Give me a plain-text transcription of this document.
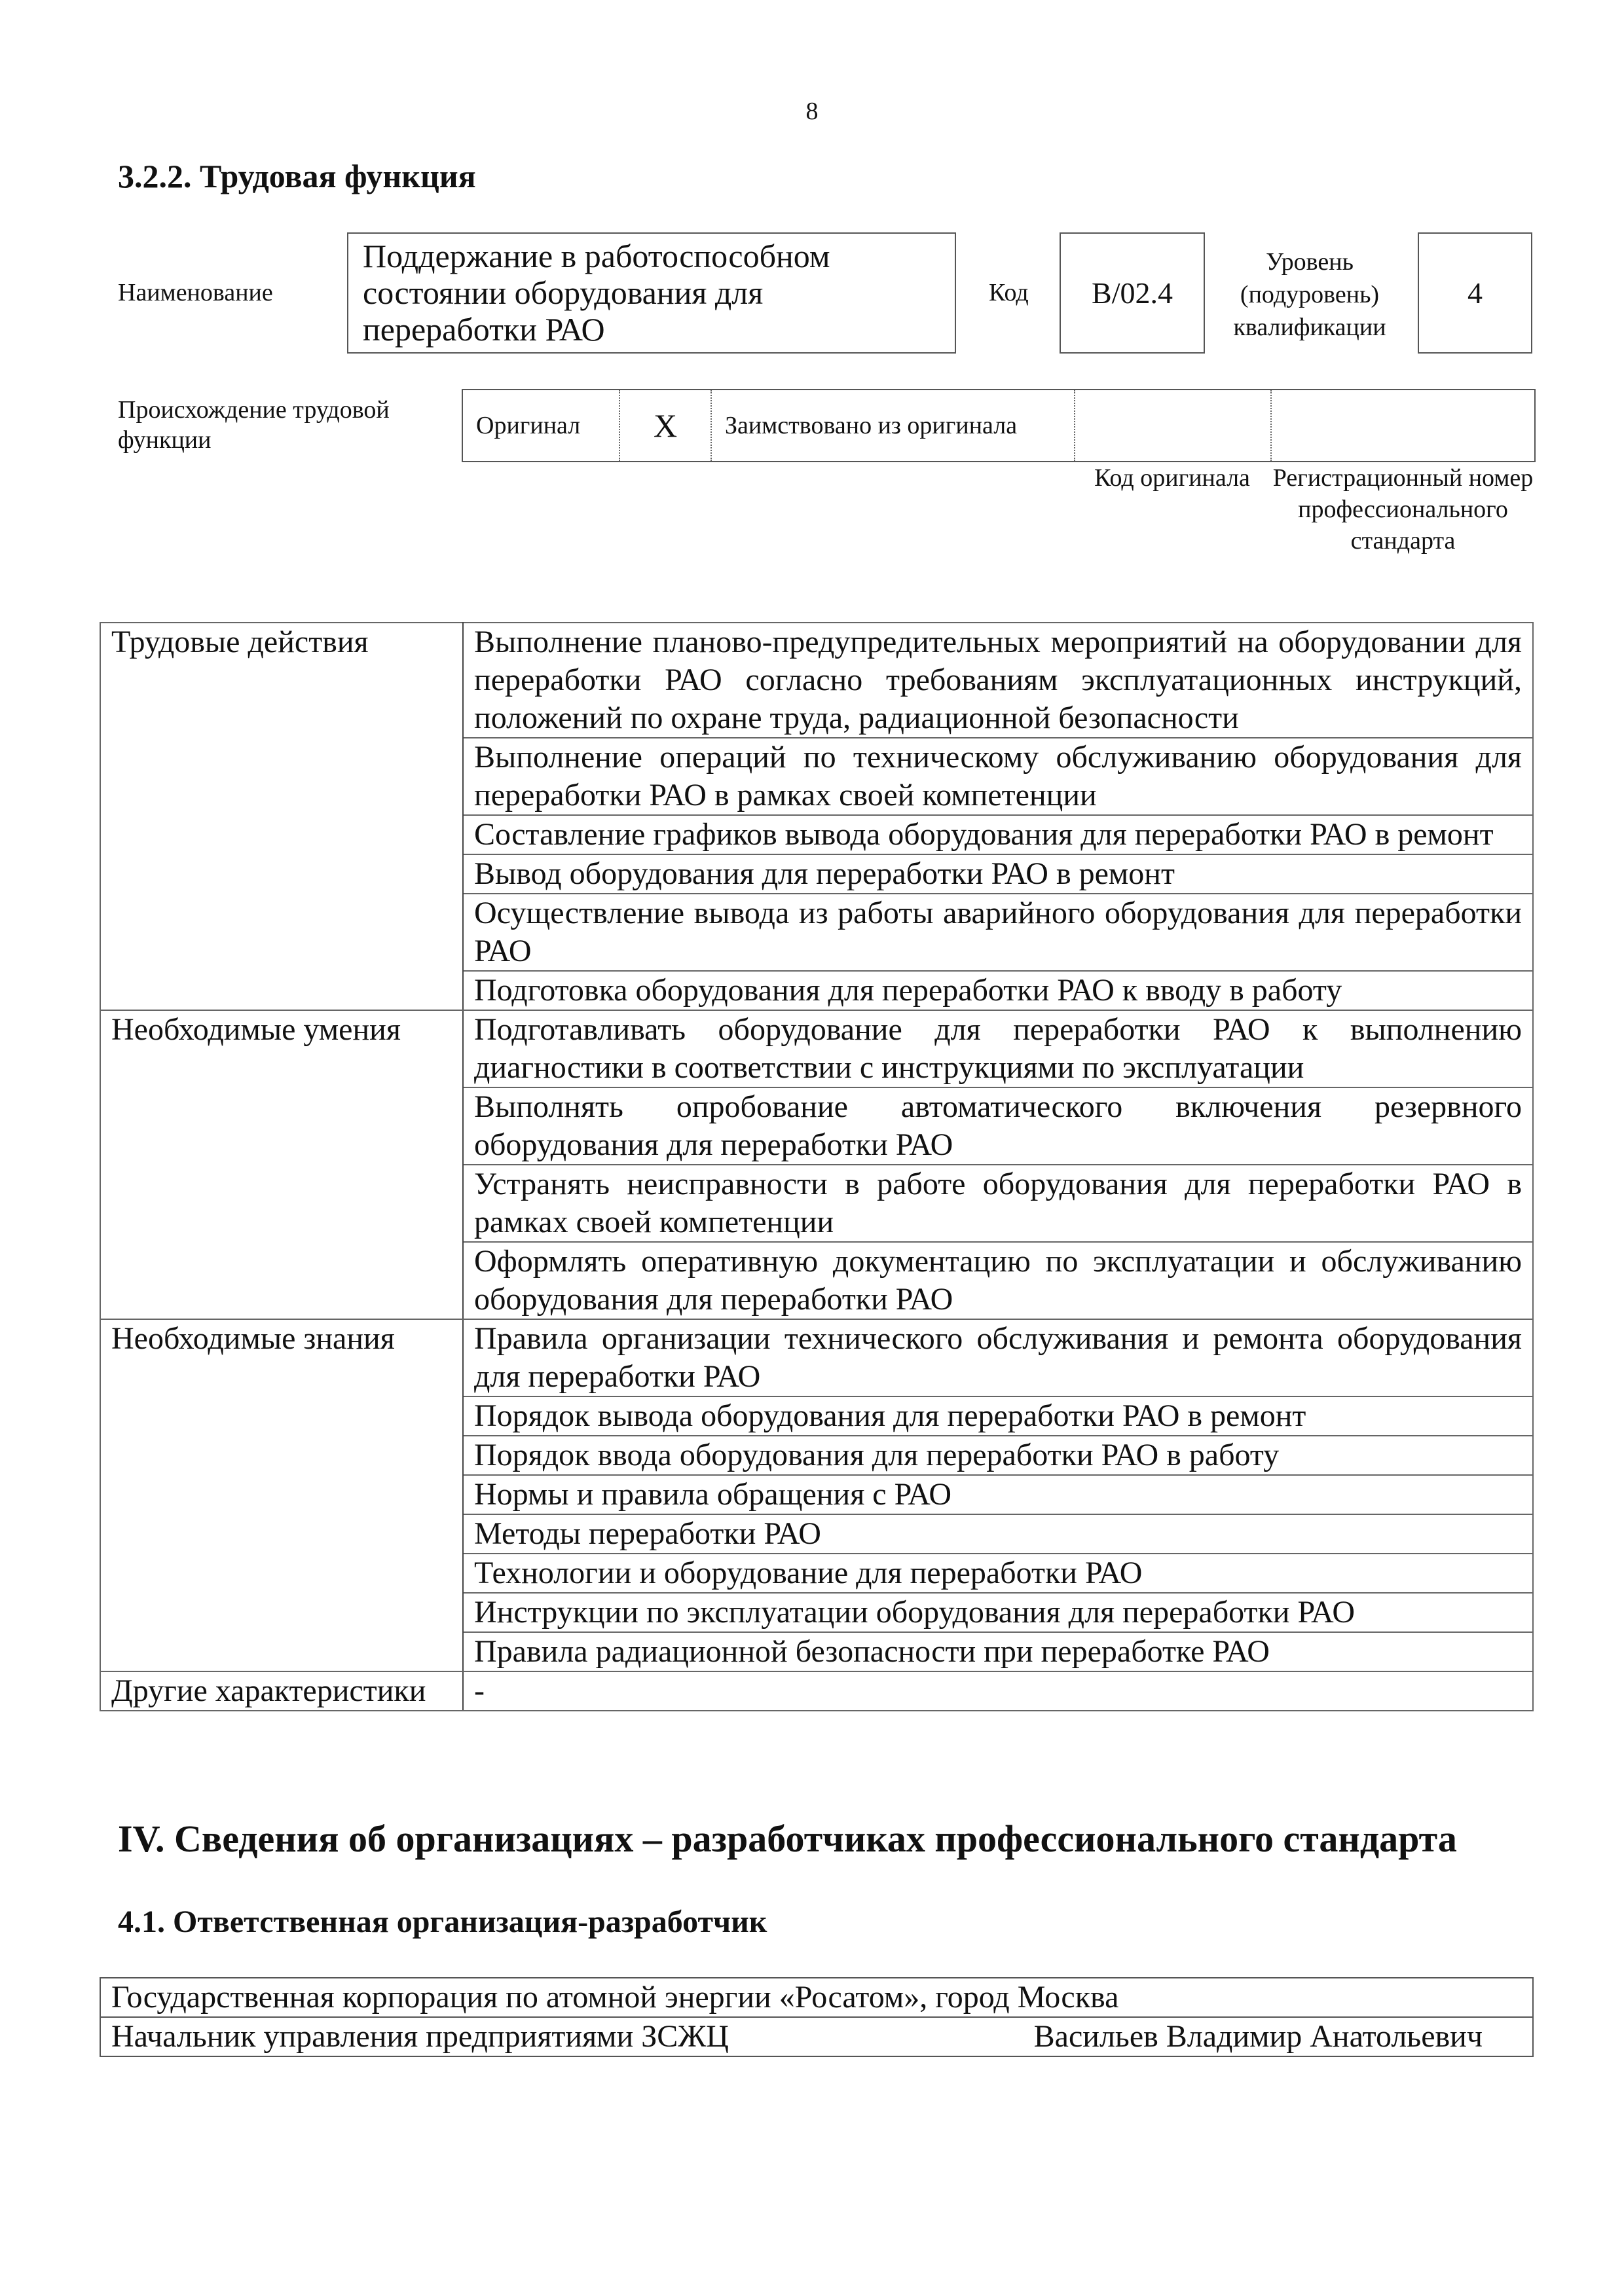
8
3.2.2. Трудовая функция
Наименование
Поддержание в работоспособном состоянии оборудования для переработки РАО
Код	B/02.4
Уровень (подуровень) квалификации
4
Происхождение трудовой функции
Оригинал	X	Заимствовано из оригинала
Код оригинала Регистрационный номер профессионального стандарта
Трудовые действия	Выполнение планово-предупредительных мероприятий на оборудовании для переработки РАО согласно требованиям эксплуатационных инструкций, положений по охране труда, радиационной безопасности
	Выполнение операций по техническому обслуживанию оборудования для переработки РАО в рамках своей компетенции
	Составление графиков вывода оборудования для переработки РАО в ремонт
	Вывод оборудования для переработки РАО в ремонт
	Осуществление вывода из работы аварийного оборудования для переработки РАО
	Подготовка оборудования для переработки РАО к вводу в работу
Необходимые умения	Подготавливать оборудование для переработки РАО к выполнению диагностики в соответствии с инструкциями по эксплуатации
	Выполнять опробование автоматического включения резервного оборудования для переработки РАО
	Устранять неисправности в работе оборудования для переработки РАО в рамках своей компетенции
	Оформлять оперативную документацию по эксплуатации и обслуживанию оборудования для переработки РАО
Необходимые знания	Правила организации технического обслуживания и ремонта оборудования для переработки РАО
	Порядок вывода оборудования для переработки РАО в ремонт
	Порядок ввода оборудования для переработки РАО в работу
	Нормы и правила обращения с РАО
	Методы переработки РАО
	Технологии и оборудование для переработки РАО
	Инструкции по эксплуатации оборудования для переработки РАО
	Правила радиационной безопасности при переработке РАО
Другие характеристики	-
IV. Сведения об организациях – разработчиках профессионального стандарта
4.1. Ответственная организация-разработчик
Государственная корпорация по атомной энергии «Росатом», город Москва

Начальник управления предприятиями ЗСЖЦ	Васильев Владимир Анатольевич
